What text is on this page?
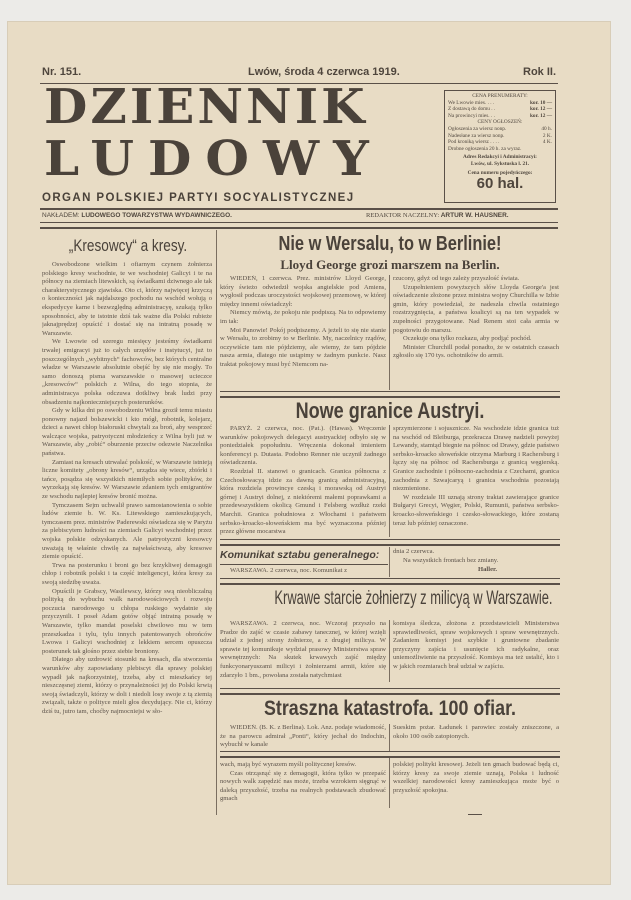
Nr. 151.	Lwów, środa 4 czerwca 1919.	Rok II.
DZIENNIK
LUDOWY
ORGAN POLSKIEJ PARTYI SOCYALISTYCZNEJ
CENA PRENUMERATY:
We Lwowie mies. . . .	kor. 10 —
Z dostawą do domu . .	kor. 12 —
Na prowincyi mies. . .	kor. 12 —
CENY OGŁOSZEŃ:
Ogłoszenia za wiersz nonp.	40 h.
Nadesłane za wiersz nonp.	2 K.
Pod kroniką wiersz . . . .	4 K.
Drobne ogłoszenia 20 h. za wyraz.
Adres Redakcyi i Administracyi:
Lwów, ul. Sykstuska l. 21.
Cena numeru pojedyńczego:
60 hal.
NAKŁADEM: LUDOWEGO TOWARZYSTWA WYDAWNICZEGO.	REDAKTOR NACZELNY: ARTUR W. HAUSNER.
„Kresowcy“ a kresy.

Oswobodzone wielkim i ofiarnym czynem żołnierza polskiego kresy wschodnie, te we wschodniej Galicyi i te na północy na ziemiach litewskich, są świadkami dziwnego ale tak charakterystycznego zjawiska. Oto ci, którzy najwięcej krzyczą o konieczności jak najdalszego pochodu na wschód wołują o ekspedycye karne i bezwzględną administracyę, szukają tylko sposobności, aby te istotnie dziś tak ważne dla Polski rubieże jaknajprędzej opuścić i dostać się na intratną posadę w Warszawie.

We Lwowie od szeregu miesięcy jesteśmy świadkami trwałej emigracyi już to całych urzędów i instytucyi, już to poszczególnych „wybitnych“ fachowców, bez których centralne władze w Warszawie absolutnie obejść by się nie mogły. To samo donoszą pisma warszawskie o masowej ucieczce „kresowców“ polskich z Wilna, do tego stopnia, że administracya polska odczuwa dotkliwy brak ludzi przy obsadzeniu najkonieczniejszych posterunków.

Gdy w kilka dni po oswobodzeniu Wilna groził temu miastu ponowny najazd bolszewicki i kto mógł, robotnik, kolejarz, dzieci a nawet chłop białoruski chwytali za broń, aby wesprzeć walczące wojska, patryotyczni młodzieńcy z Wilna byli już w Warszawie, aby „robić“ oburzenie przeciw odezwie Naczelnika państwa.

Zamiast na kresach utrwalać polskość, w Warszawie istnieją liczne komitety „obrony kresów“, urządza się wiece, zbiórki i tańce, posądza się wszystkich niemiłych sobie polityków, że wyrzekają się kresów. W Warszawie zdaniem tych emigrantów ze wschodu najlepiej kresów bronić można.

Tymczasem Sejm uchwalił prawo samostanowienia o sobie ludów ziemie b. W. Ks. Litewskiego zamieszkujących, tymczasem prez. ministrów Paderewski oświadcza się w Paryżu za plebiscytem ludności na ziemiach Galicyi wschodniej przez wojska polskie odzyskanych. Ale patryotyczni kresowcy uważają tę właśnie chwilę za najwłaściwszą, aby kresowe ziemie opuścić.

Trwa na posterunku i broni go bez krzykliwej demagogii chłop i robotnik polski i ta część inteligencyi, która kresy za swoją siedzibę uważa.

Opuścili je Grabscy, Wasilewscy, którzy swą nieobliczalną polityką do wybuchu walk narodowościowych i rozwoju poczucia narodowego u chłopa ruskiego wydatnie się przyczynili. I poseł Adam gotów objąć intratną posadę w Warszawie, tylko mandat poselski chwilowo mu w tem przeszkadza i tylu, tylu innych patentowanych obrońców Lwowa i Galicyi wschodniej z lekkiem sercem opuszcza posterunek tak głośno przez siebie broniony.

Dlatego aby uzdrowić stosunki na kresach, dla stworzenia warunków aby zapowiadany plebiscyt dla sprawy polskiej wypadł jak najkorzystniej, trzeba, aby ci mieszkańcy tej nieszczęsnej ziemi, którzy o przynależności jej do Polski krwią swoją świadczyli, którzy w doli i niedoli losy swoje z tą ziemią związali, także o polityce mieli głos decydujący. Nie ci, którzy dziś tu, jutro tam, choćby najmocniejsi w sło-

Nie w Wersalu, to w Berlinie!
Lloyd George grozi marszem na Berlin.

WIEDEŃ, 1 czerwca. Prez. ministrów Lloyd George, który świeżo odwiedził wojska angielskie pod Amiens, wygłosił podczas uroczystości wojskowej przemowę, w której między innemi oświadczył:

Niemcy mówią, że pokoju nie podpiszą. Na to odpowiemy im tak:

Moi Panowie! Pokój podpiszemy. A jeżeli to się nie stanie w Wersalu, to zrobimy to w Berlinie. My, naczelnicy rządów, oczywiście tam nie pójdziemy, ale wiemy, że tam pójdzie nasza armia, dlatego nie ustąpimy w żadnym punkcie. Nasz traktat pokojowy musi być Niemcom na-

rzucony, gdyż od tego zależy przyszłość świata.

Uzupełnieniem powyższych słów Lloyda George'a jest oświadczenie złożone przez ministra wojny Churchilla w Izbie gmin, który powiedział, że nadeszła chwila ostatniego rozstrzygnięcia, a państwa koalicyi są na ten wypadek w zupełności przygotowane. Nad Renem stoi cała armia w pogotowiu do marszu.

Oczekuje ona tylko rozkazu, aby podjąć pochód.

Minister Churchill podał ponadto, że w ostatnich czasach zgłosiło się 170 tys. ochotników do armii.

Nowe granice Austryi.

PARYŻ. 2 czerwca, noc. (Pat.). (Hawas). Wręczenie warunków pokojowych delegacyi austryackiej odbyło się w poniedziałek popołudniu. Wręczenia dokonał imieniem konferencyi p. Dutasta. Podobno Renner nie uczynił żadnego oświadczenia.

Rozdział II. stanowi o granicach. Granica północna z Czechosłowacyą idzie za dawną granicą administracyjną, która rozdziela prowincye czeską i morawską od Austryi górnej i Austryi dolnej, z niektóremi małemi poprawkami a przedewszystkiem okolicą Gmund i Felsberg wzdłuż rzeki Marchii. Granica południowa z Włochami i państwem serbsko-kroacko-słoweńskiem ma być wyznaczona później przez główne mocarstwa

sprzymierzone i sojusznicze. Na wschodzie idzie granica tuż na wschód od Bleiburga, przekracza Drawę nadzieli powyżej Lewandy, stamtąd biegnie na północ od Drawy, gdzie państwo serbsko-kroacko słoweńskie otrzyma Marburg i Rachersburg i łączy się na północ od Rachersburga z granicą węgierską. Granice zachodnie i północno-zachodnia z Czechami, granica zachodnia z Szwajcaryą i granica wschodnia pozostają niezmienione.

W rozdziale III uznają strony traktat zawierające granice Bułgaryi Grecyi, Węgier, Polski, Rumunii, państwa serbsko-kroacko-słoweńskiego i czesko-słowackiego, które zostaną teraz lub później oznaczone.

Komunikat sztabu generalnego:
WARSZAWA. 2 czerwca, noc. Komunikat z
dnia 2 czerwca.
Na wszystkich frontach bez zmiany.
Haller.
Krwawe starcie żołnierzy z milicyą w Warszawie.

WARSZAWA. 2 czerwca, noc. Wczoraj przyszło na Pradze do zajść w czasie zabawy tanecznej, w której wzięli udział z jednej strony żołnierze, a z drugiej milicya. W sprawie tej komunikuje wydział prasowy Ministerstwa spraw wewnętrznych: Na skutek krwawych zajść między funkcyonaryuszami milicyi i żołnierzami armii, które się zdarzyło 1 bm., powołana została natychmiast

komisya śledcza, złożona z przedstawicieli Ministerstwa sprawiedliwości, spraw wojskowych i spraw wewnętrznych. Zadaniem komisyi jest szybkie i gruntowne zbadanie przyczyny zajścia i usunięcie ich radykalne, oraz uniemożliwienie na przyszłość. Komisya ma też ustalić, kto i w jakich rozmiarach brał udział w zajściu.

Straszna katastrofa. 100 ofiar.

WIEDEŃ. (B. K. z Berlina). Lok. Anz. podaje wiadomość, że na parowcu admirał „Ponti“, który jechał do Indochin, wybuchł w kanale

Sueskim pożar. Ładunek i parowiec zostały zniszczone, a około 100 osób zatopionych.

wach, mają być wyrazem myśli politycznej kresów.

Czas otrząsnąć się z demagogii, która tylko w przepaść nowych walk zapędzić nas może, trzeba wzrokiem sięgnąć w daleką przyszłość, trzeba na realnych podstawach zbudować gmach

polskiej polityki kresowej. Jeżeli ten gmach budować będą ci, którzy kresy za swoje ziemie uznają, Polska i ludność wszelkiej narodowości kresy zamieszkująca może być o przyszłość spokojna.
